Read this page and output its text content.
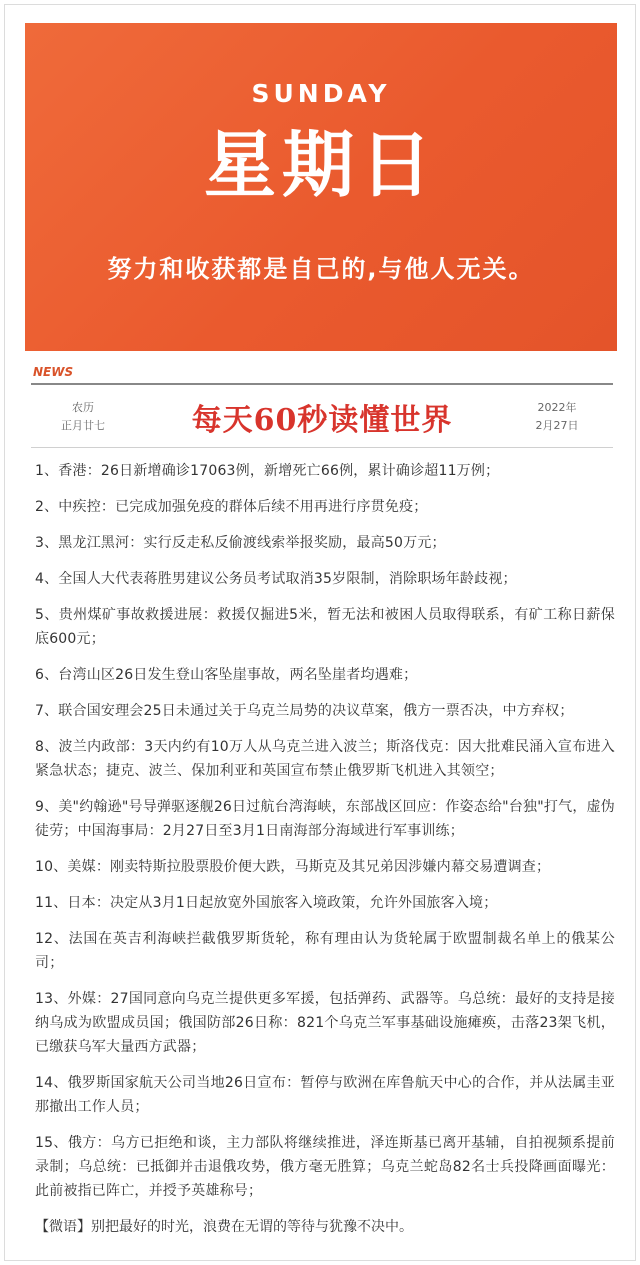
SUNDAY
星期日
努力和收获都是自己的,与他人无关。
NEWS
农历
正月廿七	每天60秒读懂世界	2022年
2月27日

1、香港：26日新增确诊17063例，新增死亡66例，累计确诊超11万例；

2、中疾控：已完成加强免疫的群体后续不用再进行序贯免疫；

3、黑龙江黑河：实行反走私反偷渡线索举报奖励，最高50万元；

4、全国人大代表蒋胜男建议公务员考试取消35岁限制，消除职场年龄歧视；

5、贵州煤矿事故救援进展：救援仅掘进5米，暂无法和被困人员取得联系，有矿工称日薪保底600元；

6、台湾山区26日发生登山客坠崖事故，两名坠崖者均遇难；

7、联合国安理会25日未通过关于乌克兰局势的决议草案，俄方一票否决，中方弃权；

8、波兰内政部：3天内约有10万人从乌克兰进入波兰；斯洛伐克：因大批难民涌入宣布进入紧急状态；捷克、波兰、保加利亚和英国宣布禁止俄罗斯飞机进入其领空；

9、美"约翰逊"号导弹驱逐舰26日过航台湾海峡，东部战区回应：作姿态给"台独"打气，虚伪徒劳；中国海事局：2月27日至3月1日南海部分海域进行军事训练；

10、美媒：刚卖特斯拉股票股价便大跌，马斯克及其兄弟因涉嫌内幕交易遭调查；

11、日本：决定从3月1日起放宽外国旅客入境政策，允许外国旅客入境；

12、法国在英吉利海峡拦截俄罗斯货轮，称有理由认为货轮属于欧盟制裁名单上的俄某公司；

13、外媒：27国同意向乌克兰提供更多军援，包括弹药、武器等。乌总统：最好的支持是接纳乌成为欧盟成员国；俄国防部26日称：821个乌克兰军事基础设施瘫痪，击落23架飞机，已缴获乌军大量西方武器；

14、俄罗斯国家航天公司当地26日宣布：暂停与欧洲在库鲁航天中心的合作，并从法属圭亚那撤出工作人员；

15、俄方：乌方已拒绝和谈，主力部队将继续推进，泽连斯基已离开基辅，自拍视频系提前录制；乌总统：已抵御并击退俄攻势，俄方毫无胜算；乌克兰蛇岛82名士兵投降画面曝光：此前被指已阵亡，并授予英雄称号；

【微语】别把最好的时光，浪费在无谓的等待与犹豫不决中。
